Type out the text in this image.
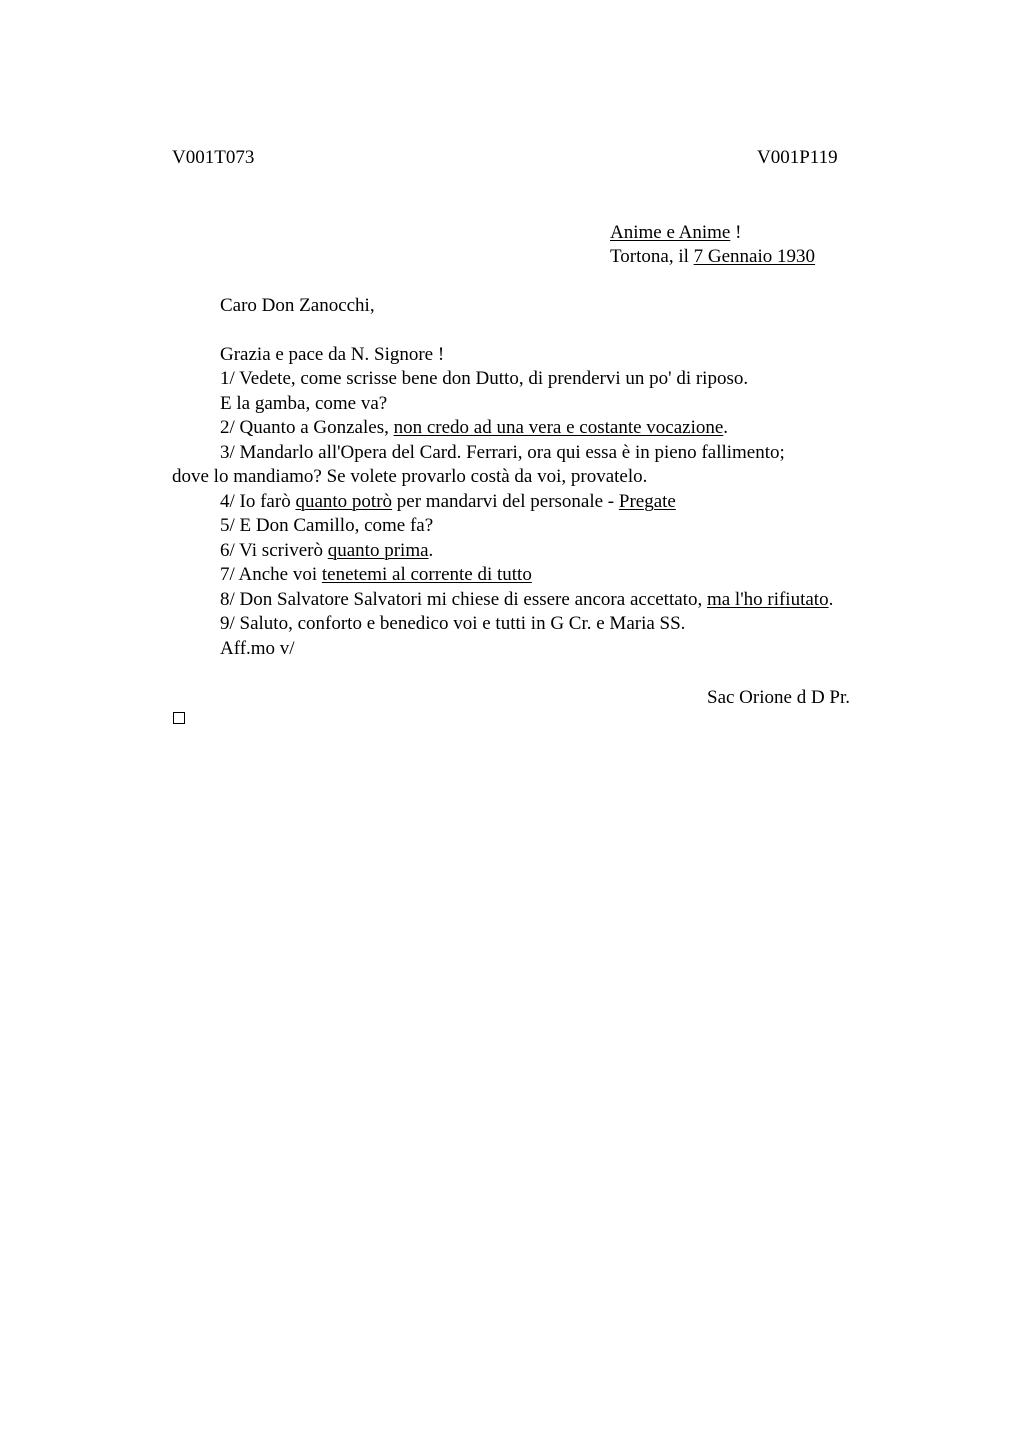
V001T073	V001P119
Anime e Anime !
Tortona, il 7 Gennaio 1930
Caro Don Zanocchi,
Grazia e pace da N. Signore !
1/ Vedete, come scrisse bene don Dutto, di prendervi un po' di riposo.
E la gamba, come va?
2/ Quanto a Gonzales, non credo ad una vera e costante vocazione.
3/ Mandarlo all'Opera del Card. Ferrari, ora qui essa è in pieno fallimento;
dove lo mandiamo? Se volete provarlo costà da voi, provatelo.
4/ Io farò quanto potrò per mandarvi del personale - Pregate
5/ E Don Camillo, come fa?
6/ Vi scriverò quanto prima.
7/ Anche voi tenetemi al corrente di tutto
8/ Don Salvatore Salvatori mi chiese di essere ancora accettato, ma l'ho rifiutato.
9/ Saluto, conforto e benedico voi e tutti in G Cr. e Maria SS.
Aff.mo v/
Sac Orione d D Pr.
